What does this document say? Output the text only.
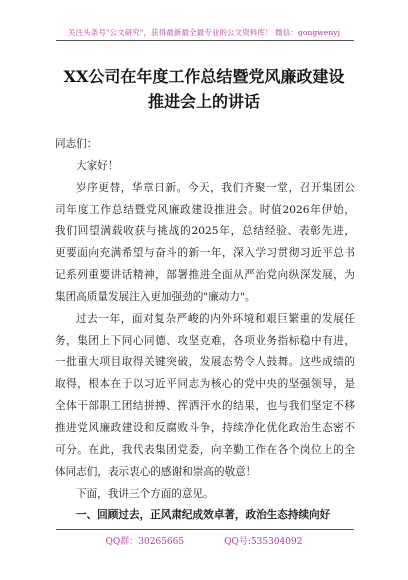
关注头条号"公文研究"，获得最新最全最专业的公文资料库！ 微信：gongwenyj
XX公司在年度工作总结暨党风廉政建设
推进会上的讲话
同志们：
大家好！
岁序更替，华章日新。今天，我们齐聚一堂，召开集团公
司年度工作总结暨党风廉政建设推进会。时值2026年伊始，
我们回望满载收获与挑战的2025年，总结经验、表彰先进，
更要面向充满希望与奋斗的新一年，深入学习贯彻习近平总书
记系列重要讲话精神，部署推进全面从严治党向纵深发展，为
集团高质量发展注入更加强劲的"廉动力"。
过去一年，面对复杂严峻的内外环境和艰巨繁重的发展任
务，集团上下同心同德、攻坚克难，各项业务指标稳中有进，
一批重大项目取得关键突破，发展态势令人鼓舞。这些成绩的
取得，根本在于以习近平同志为核心的党中央的坚强领导，是
全体干部职工团结拼搏、挥洒汗水的结果，也与我们坚定不移
推进党风廉政建设和反腐败斗争，持续净化优化政治生态密不
可分。在此，我代表集团党委，向辛勤工作在各个岗位上的全
体同志们，表示衷心的感谢和崇高的敬意！
下面，我讲三个方面的意见。
一、回顾过去，正风肃纪成效卓著，政治生态持续向好
QQ群：30265665	QQ号:535304092
